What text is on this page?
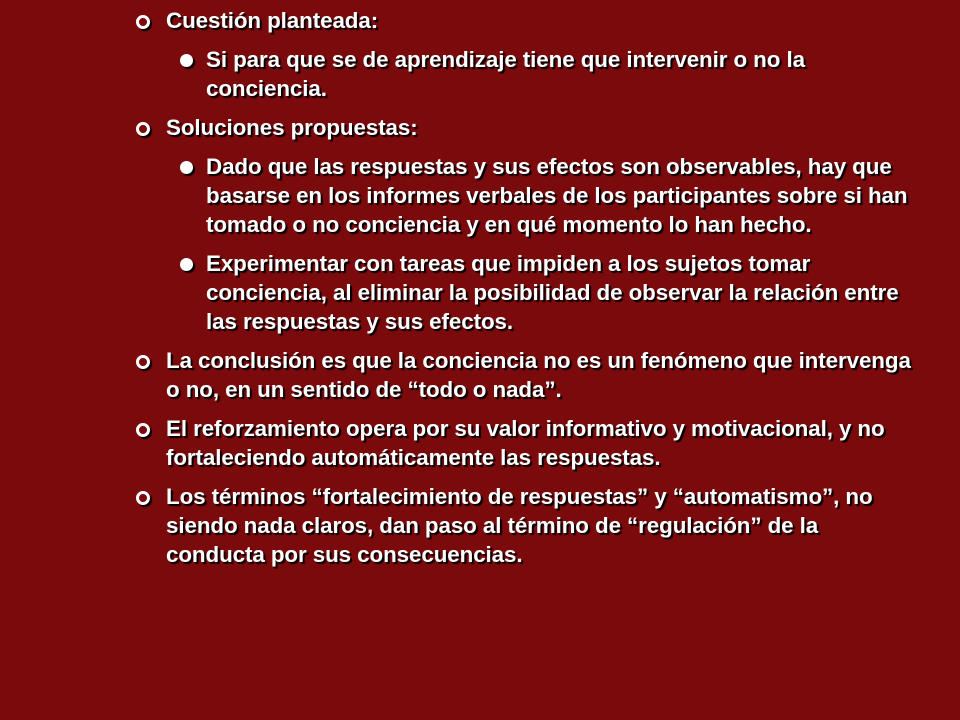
Cuestión planteada:
Si para que se de aprendizaje tiene que intervenir o no la conciencia.
Soluciones propuestas:
Dado que las respuestas y sus efectos son observables, hay que basarse en los informes verbales de los participantes sobre si han tomado o no conciencia y en qué momento lo han hecho.
Experimentar con tareas que impiden a los sujetos tomar conciencia, al eliminar la posibilidad de observar la relación entre las respuestas y sus efectos.
La conclusión es que la conciencia no es un fenómeno que intervenga o no, en un sentido de “todo o nada”.
El reforzamiento opera por su valor informativo y motivacional, y no fortaleciendo automáticamente las respuestas.
Los términos “fortalecimiento de respuestas” y “automatismo”, no siendo nada claros, dan paso al término de “regulación” de la conducta por sus consecuencias.
